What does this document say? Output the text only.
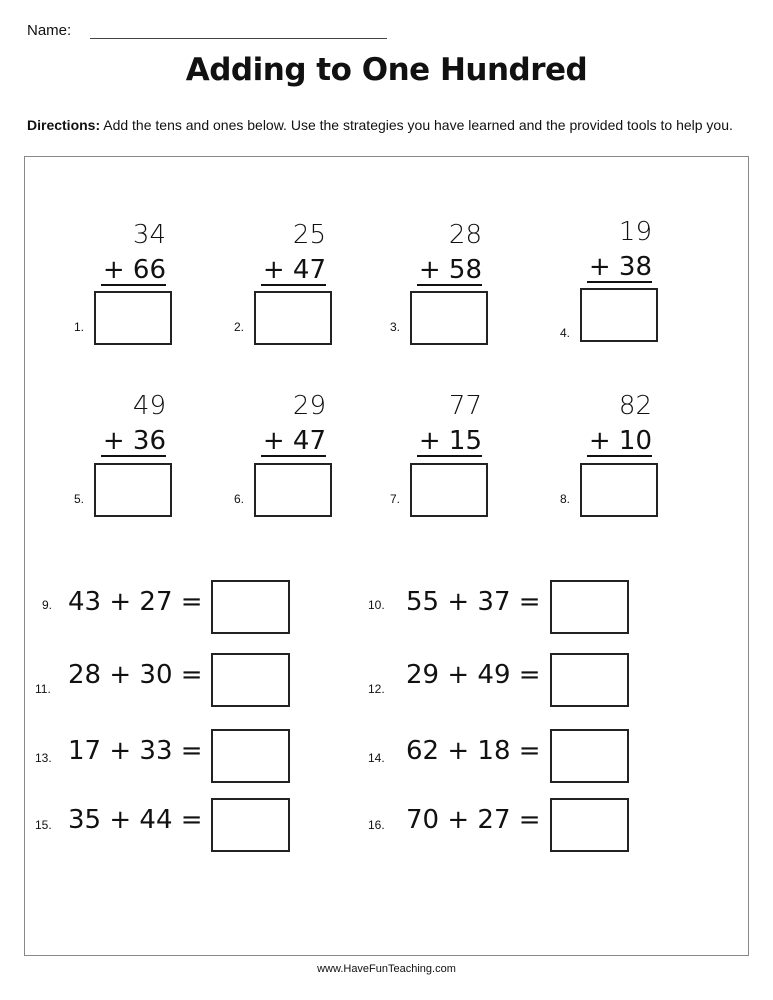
Name:
Adding to One Hundred
Directions: Add the tens and ones below. Use the strategies you have learned and the provided tools to help you.
34
+ 66
1.
25
+ 47
2.
28
+ 58
3.
19
+ 38
4.
49
+ 36
5.
29
+ 47
6.
77
+ 15
7.
82
+ 10
8.
9. 43 + 27 =	10. 55 + 37 =
11. 28 + 30 =	12. 29 + 49 =
13. 17 + 33 =	14. 62 + 18 =
15. 35 + 44 =	16. 70 + 27 =
www.HaveFunTeaching.com
